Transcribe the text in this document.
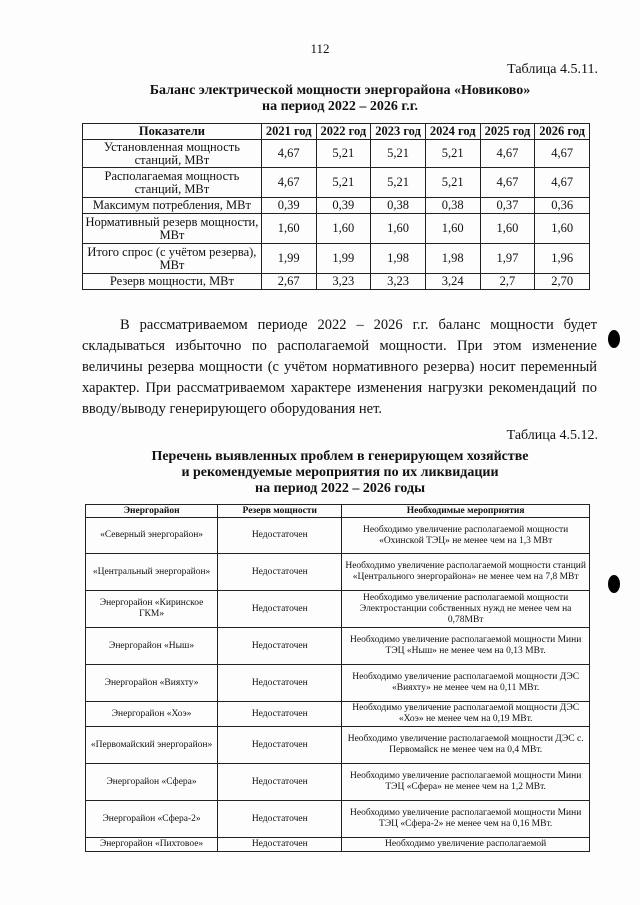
112
Таблица 4.5.11.
Баланс электрической мощности энергорайона «Новиково»
на период 2022 – 2026 г.г.
Показатели	2021 год	2022 год	2023 год	2024 год	2025 год	2026 год
Установленная мощность станций, МВт	4,67	5,21	5,21	5,21	4,67	4,67
Располагаемая мощность станций, МВт	4,67	5,21	5,21	5,21	4,67	4,67
Максимум потребления, МВт	0,39	0,39	0,38	0,38	0,37	0,36
Нормативный резерв мощности, МВт	1,60	1,60	1,60	1,60	1,60	1,60
Итого спрос (с учётом резерва), МВт	1,99	1,99	1,98	1,98	1,97	1,96
Резерв мощности, МВт	2,67	3,23	3,23	3,24	2,7	2,70

В рассматриваемом периоде 2022 – 2026 г.г. баланс мощности будет складываться избыточно по располагаемой мощности. При этом изменение величины резерва мощности (с учётом нормативного резерва) носит переменный характер. При рассматриваемом характере изменения нагрузки рекомендаций по вводу/выводу генерирующего оборудования нет.

Таблица 4.5.12.
Перечень выявленных проблем в генерирующем хозяйстве
и рекомендуемые мероприятия по их ликвидации
на период 2022 – 2026 годы
Энергорайон	Резерв мощности	Необходимые мероприятия
«Северный энергорайон»	Недостаточен	Необходимо увеличение располагаемой мощности «Охинской ТЭЦ» не менее чем на 1,3 МВт
«Центральный энергорайон»	Недостаточен	Необходимо увеличение располагаемой мощности станций «Центрального энергорайона» не менее чем на 7,8 МВт
Энергорайон «Киринское ГКМ»	Недостаточен	Необходимо увеличение располагаемой мощности Электростанции собственных нужд не менее чем на 0,78МВт
Энергорайон «Ныш»	Недостаточен	Необходимо увеличение располагаемой мощности Мини ТЭЦ «Ныш» не менее чем на 0,13 МВт.
Энергорайон «Вияхту»	Недостаточен	Необходимо увеличение располагаемой мощности ДЭС «Вияхту» не менее чем на 0,11 МВт.
Энергорайон «Хоэ»	Недостаточен	Необходимо увеличение располагаемой мощности ДЭС «Хоэ» не менее чем на 0,19 МВт.
«Первомайский энергорайон»	Недостаточен	Необходимо увеличение располагаемой мощности ДЭС с. Первомайск не менее чем на 0,4 МВт.
Энергорайон «Сфера»	Недостаточен	Необходимо увеличение располагаемой мощности Мини ТЭЦ «Сфера» не менее чем на 1,2 МВт.
Энергорайон «Сфера-2»	Недостаточен	Необходимо увеличение располагаемой мощности Мини ТЭЦ «Сфера-2» не менее чем на 0,16 МВт.
Энергорайон «Пихтовое»	Недостаточен	Необходимо увеличение располагаемой
